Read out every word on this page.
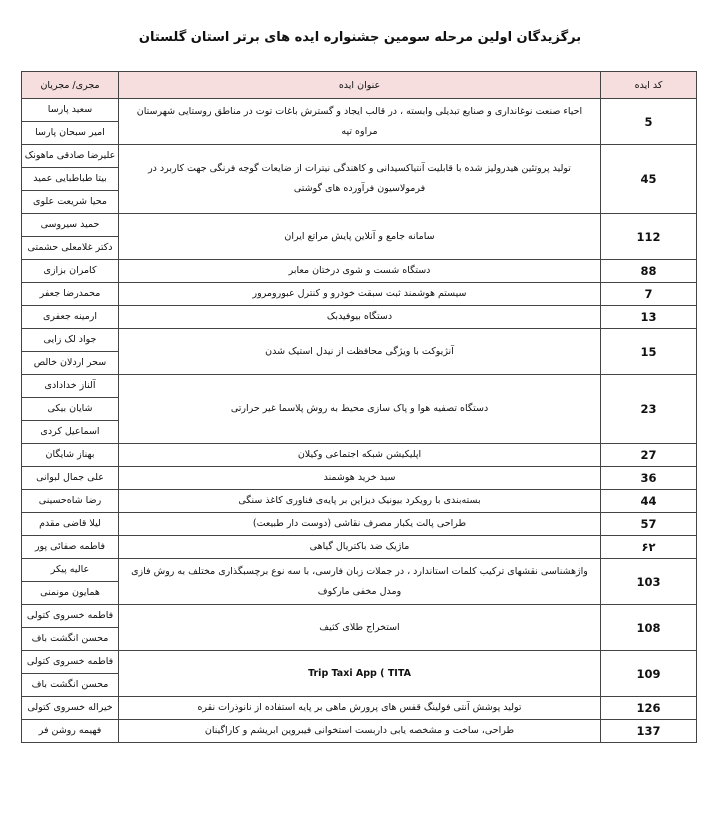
برگزیدگان اولین مرحله سومین جشنواره ایده های برتر استان گلستان
کد ایده	عنوان ایده	مجری/ مجریان
5	احیاء صنعت نوغانداری و صنایع تبدیلی وابسته ، در قالب ایجاد و گسترش باغات توت در مناطق روستایی شهرستان مراوه تپه	سعید پارسا
امیر سبحان پارسا

45	تولید پروتئین هیدرولیز شده با قابلیت آنتیاکسیدانی و کاهندگی نیترات از ضایعات گوجه فرنگی جهت کاربرد در فرمولاسیون فرآورده های گوشتی	علیرضا صادقی ماهونک
بیتا طباطبایی عمید
محیا شریعت علوی

112	سامانه جامع و آنلاین پایش مراتع ایران	حمید سیروسی
دکتر غلامعلی حشمتی

88	دستگاه شست و شوی درختان معابر	کامران بزازی

7	سیستم هوشمند ثبت سبقت خودرو و کنترل عبورومرور	محمدرضا جعفر

13	دستگاه بیوفیدبک	ارمینه جعفری

15	آنژیوکت با ویژگی محافظت از نیدل استیک شدن	جواد لک زایی
سحر اردلان خالص

23	دستگاه تصفیه هوا و پاک سازی محیط به روش پلاسما غیر حرارتی	آلناز خدادادی
شایان بیکی
اسماعیل کردی

27	اپلیکیشن شبکه اجتماعی وکیلان	بهناز شایگان

36	سبد خرید هوشمند	علی جمال لبوانی

44	بسته‌بندی با رویکرد بیونیک دیزاین بر پایه‌ی فناوری کاغذ سنگی	رضا شاه‌حسینی

57	طراحی پالت یکبار مصرف نقاشی (دوست دار طبیعت)	لیلا قاضی مقدم

۶۲	ماژیک ضد باکتریال گیاهی	فاطمه صفائی پور

103	واژهشناسی نقشهای ترکیب کلمات استاندارد ، در جملات زبان فارسی، با سه نوع برچسبگذاری مختلف به روش فازی ومدل مخفی مارکوف	عالیه پیکر
همایون مونمنی

108	استخراج طلای کثیف	فاطمه خسروی کتولی
محسن انگشت باف

109	Trip Taxi App ( TITA	فاطمه خسروی کتولی
محسن انگشت باف

126	تولید پوشش آنتی فولینگ قفس های پرورش ماهی بر پایه استفاده از نانوذرات نقره	خیراله خسروی کتولی

137	طراحی، ساخت و مشخصه یابی داربست استخوانی فیبروین ابریشم و کاراگینان	فهیمه روشن فر
